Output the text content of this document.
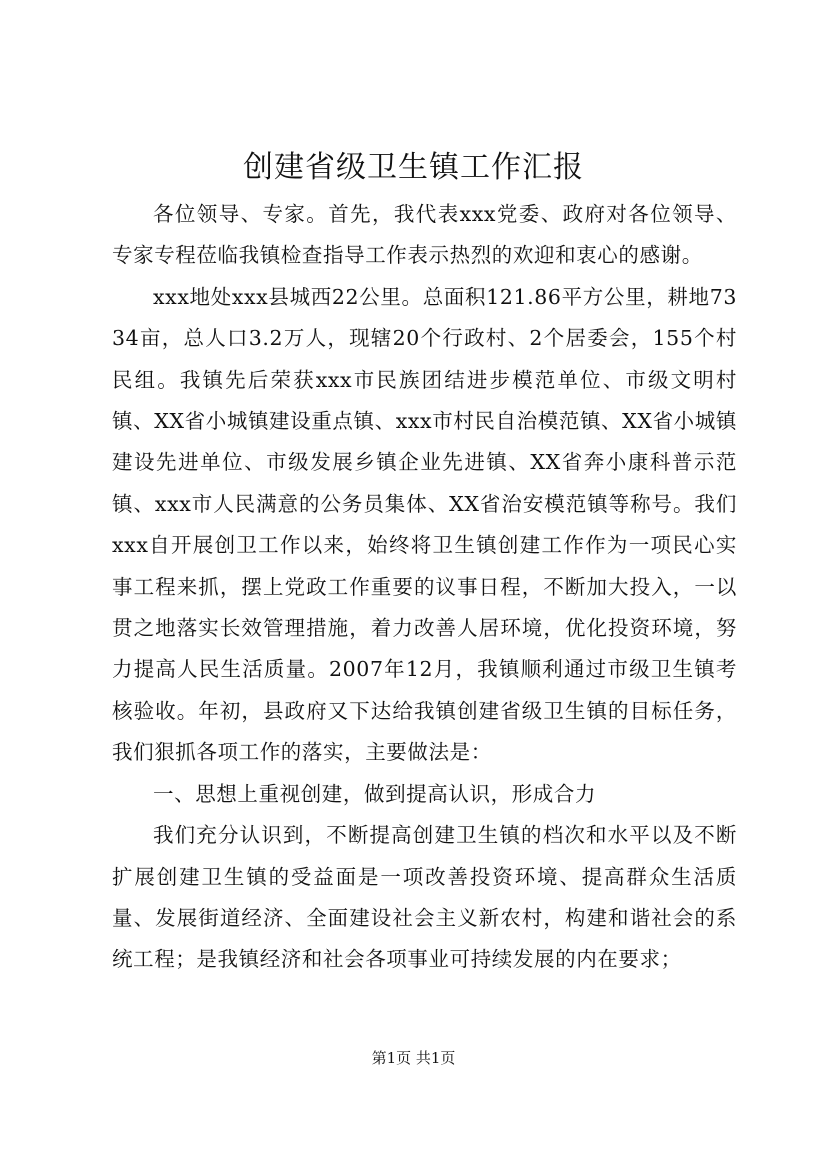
创建省级卫生镇工作汇报

各位领导、专家。首先，我代表xxx党委、政府对各位领导、专家专程莅临我镇检查指导工作表示热烈的欢迎和衷心的感谢。

xxx地处xxx县城西22公里。总面积121.86平方公里，耕地7334亩，总人口3.2万人，现辖20个行政村、2个居委会，155个村民组。我镇先后荣获xxx市民族团结进步模范单位、市级文明村镇、XX省小城镇建设重点镇、xxx市村民自治模范镇、XX省小城镇建设先进单位、市级发展乡镇企业先进镇、XX省奔小康科普示范镇、xxx市人民满意的公务员集体、XX省治安模范镇等称号。我们xxx自开展创卫工作以来，始终将卫生镇创建工作作为一项民心实事工程来抓，摆上党政工作重要的议事日程，不断加大投入，一以贯之地落实长效管理措施，着力改善人居环境，优化投资环境，努力提高人民生活质量。2007年12月，我镇顺利通过市级卫生镇考核验收。年初，县政府又下达给我镇创建省级卫生镇的目标任务，我们狠抓各项工作的落实，主要做法是：

一、思想上重视创建，做到提高认识，形成合力

我们充分认识到，不断提高创建卫生镇的档次和水平以及不断扩展创建卫生镇的受益面是一项改善投资环境、提高群众生活质量、发展街道经济、全面建设社会主义新农村，构建和谐社会的系统工程；是我镇经济和社会各项事业可持续发展的内在要求；

第1页 共1页
